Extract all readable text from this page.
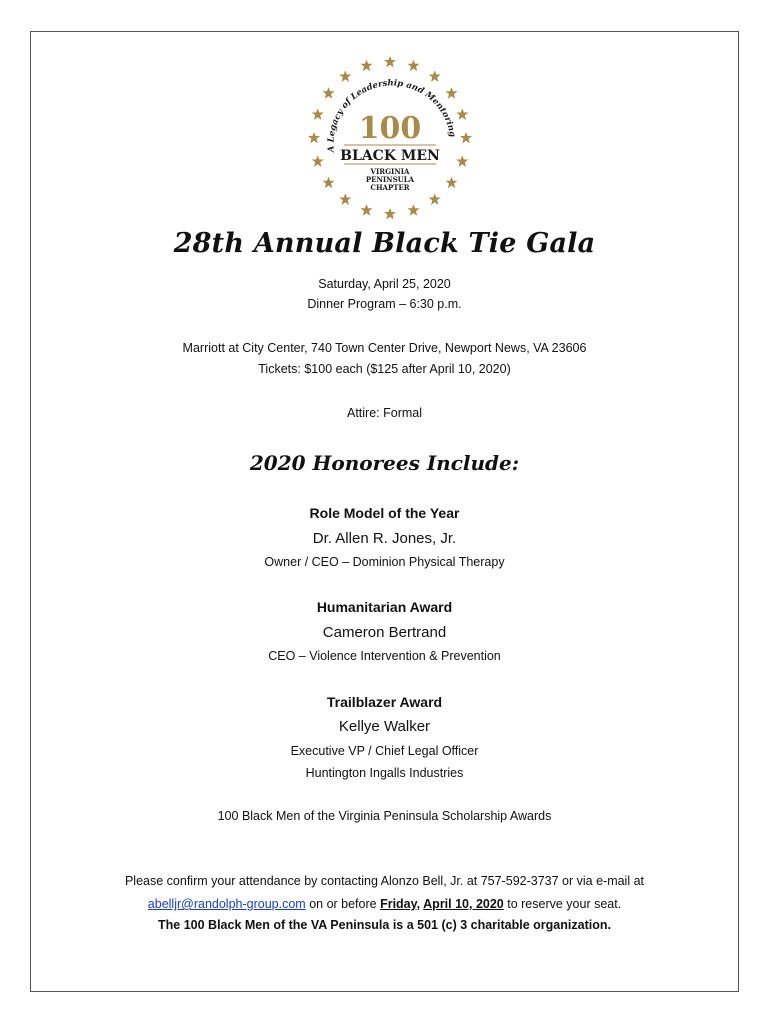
A Legacy of Leadership and Mentoring
100
BLACK MEN
VIRGINIA
PENINSULA
CHAPTER
28th Annual Black Tie Gala
Saturday, April 25, 2020
Dinner Program – 6:30 p.m.
Marriott at City Center, 740 Town Center Drive, Newport News, VA 23606
Tickets: $100 each ($125 after April 10, 2020)
Attire: Formal
2020 Honorees Include:
Role Model of the Year
Dr. Allen R. Jones, Jr.
Owner / CEO – Dominion Physical Therapy
Humanitarian Award
Cameron Bertrand
CEO – Violence Intervention & Prevention
Trailblazer Award
Kellye Walker
Executive VP / Chief Legal Officer
Huntington Ingalls Industries
100 Black Men of the Virginia Peninsula Scholarship Awards
Please confirm your attendance by contacting Alonzo Bell, Jr. at 757-592-3737 or via e-mail at
abelljr@randolph-group.com on or before Friday, April 10, 2020 to reserve your seat.
The 100 Black Men of the VA Peninsula is a 501 (c) 3 charitable organization.
